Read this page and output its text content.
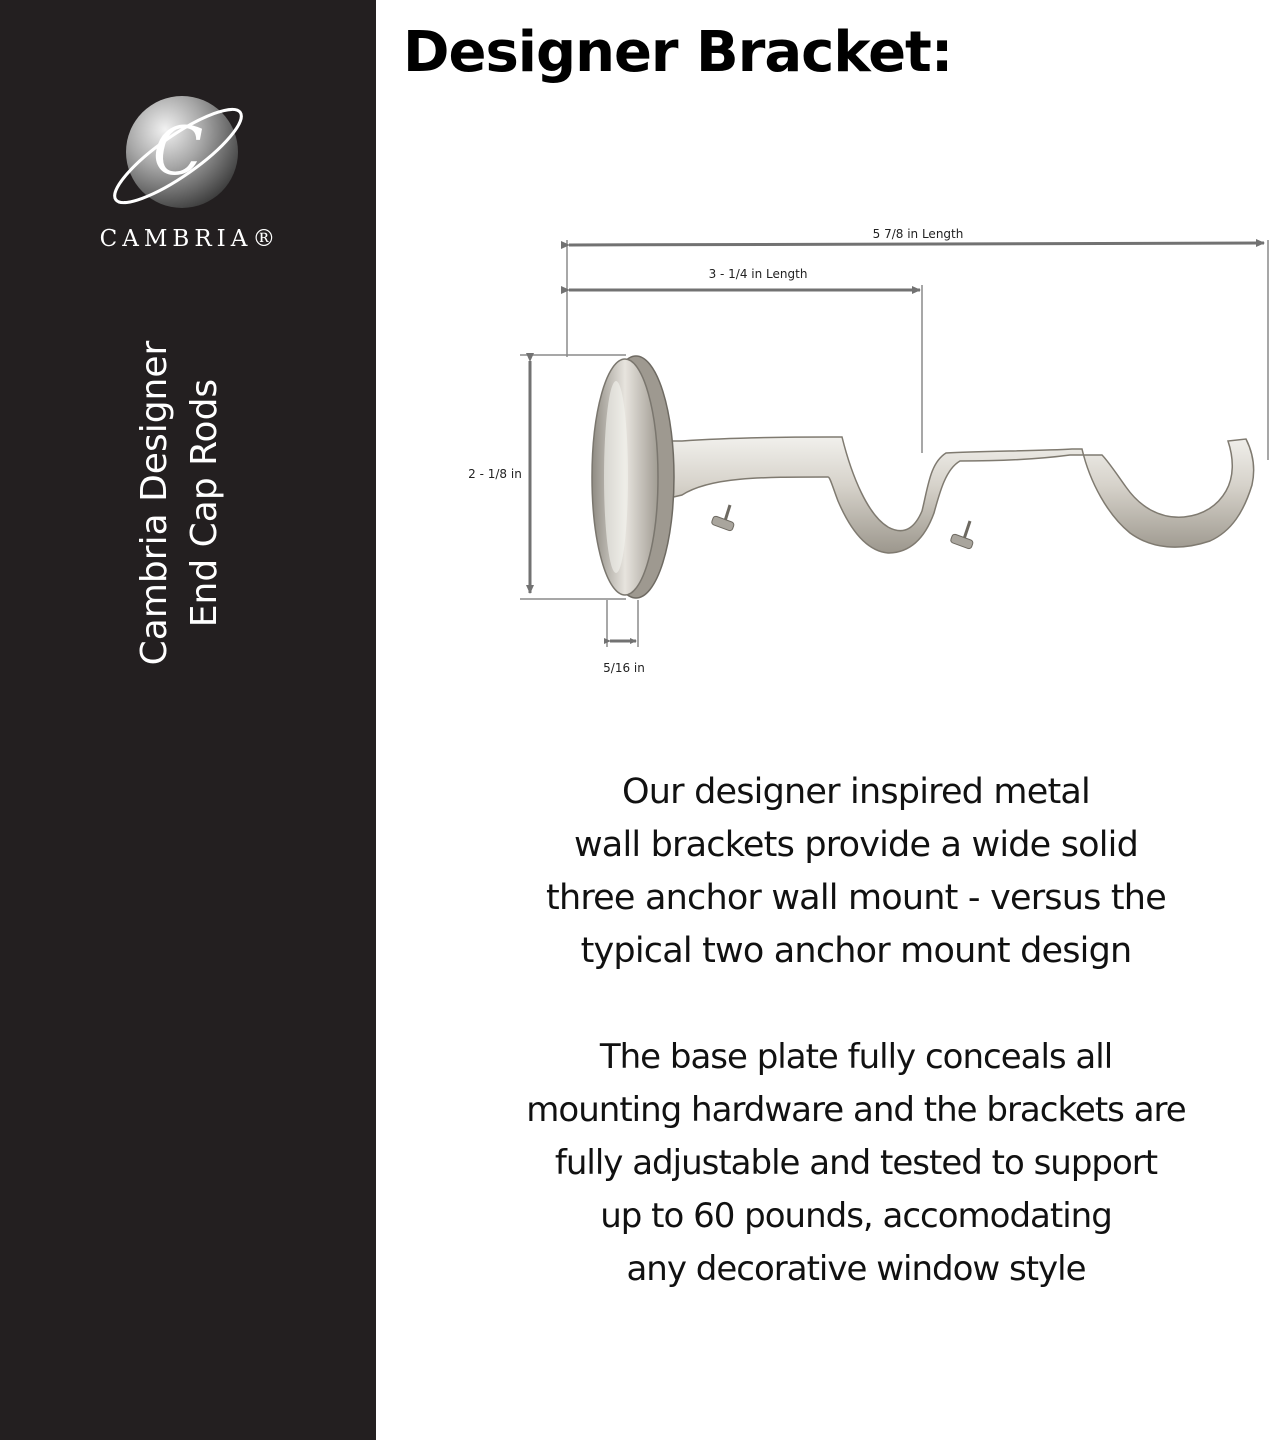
C
CAMBRIA®
Cambria Designer End Cap Rods
Designer Bracket:
5 7/8 in Length
3 - 1/4 in Length
2 - 1/8 in
5/16 in

Our designer inspired metal
wall brackets provide a wide solid
three anchor wall mount - versus the
typical two anchor mount design

The base plate fully conceals all
mounting hardware and the brackets are
fully adjustable and tested to support
up to 60 pounds, accomodating
any decorative window style
